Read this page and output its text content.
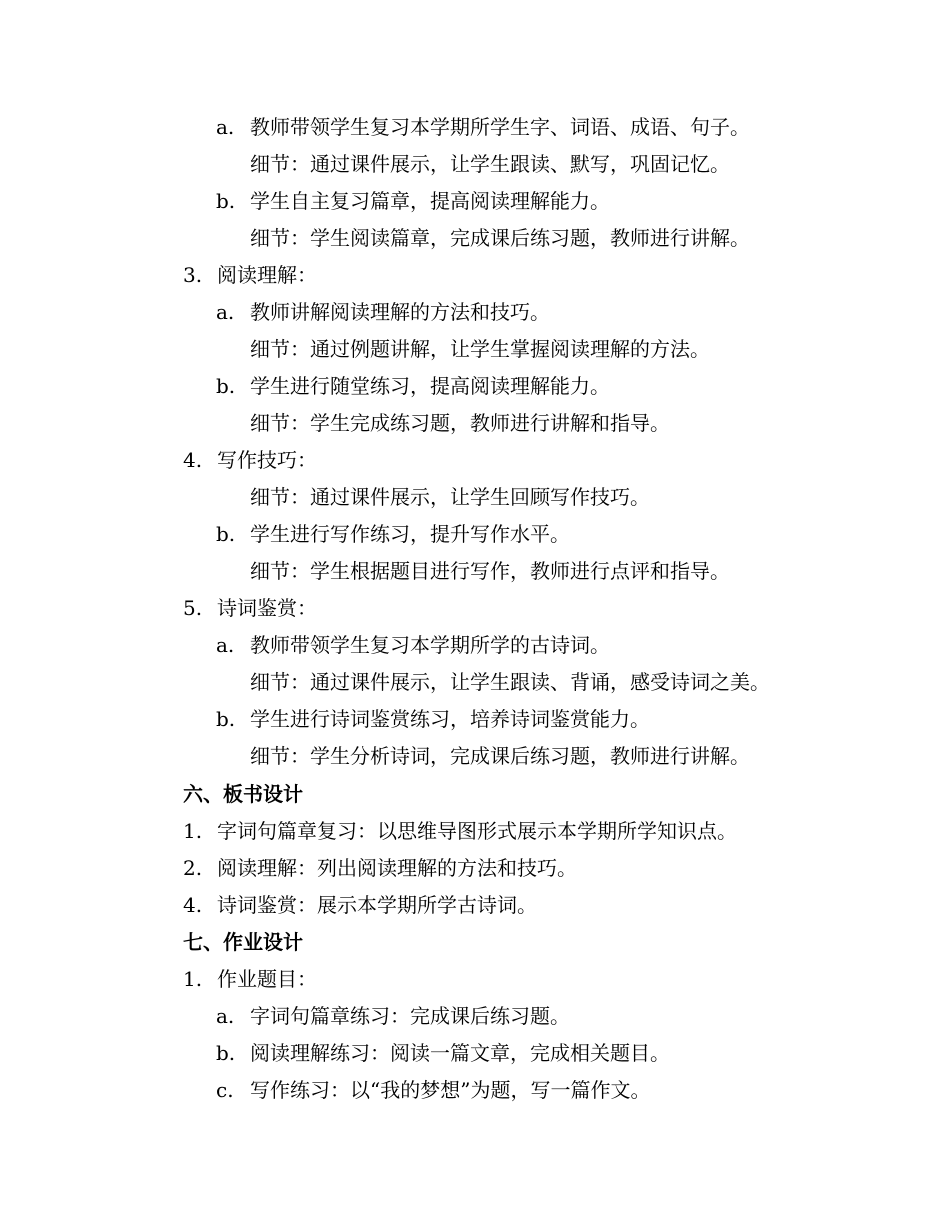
a. 教师带领学生复习本学期所学生字、词语、成语、句子。
细节：通过课件展示，让学生跟读、默写，巩固记忆。
b. 学生自主复习篇章，提高阅读理解能力。
细节：学生阅读篇章，完成课后练习题，教师进行讲解。
3. 阅读理解：
a. 教师讲解阅读理解的方法和技巧。
细节：通过例题讲解，让学生掌握阅读理解的方法。
b. 学生进行随堂练习，提高阅读理解能力。
细节：学生完成练习题，教师进行讲解和指导。
4. 写作技巧：
细节：通过课件展示，让学生回顾写作技巧。
b. 学生进行写作练习，提升写作水平。
细节：学生根据题目进行写作，教师进行点评和指导。
5. 诗词鉴赏：
a. 教师带领学生复习本学期所学的古诗词。
细节：通过课件展示，让学生跟读、背诵，感受诗词之美。
b. 学生进行诗词鉴赏练习，培养诗词鉴赏能力。
细节：学生分析诗词，完成课后练习题，教师进行讲解。
六、板书设计
1. 字词句篇章复习：以思维导图形式展示本学期所学知识点。
2. 阅读理解：列出阅读理解的方法和技巧。
4. 诗词鉴赏：展示本学期所学古诗词。
七、作业设计
1. 作业题目：
a. 字词句篇章练习：完成课后练习题。
b. 阅读理解练习：阅读一篇文章，完成相关题目。
c. 写作练习：以“我的梦想”为题，写一篇作文。
